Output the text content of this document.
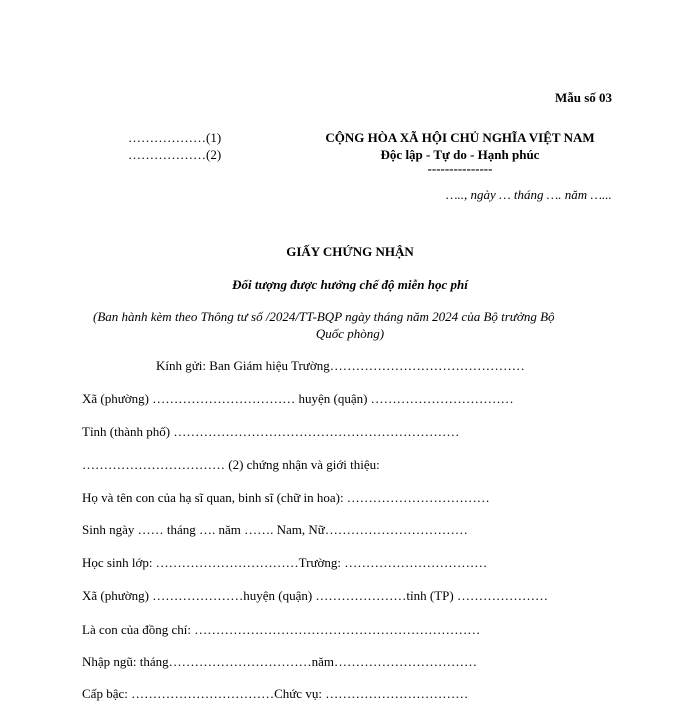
Mẫu số 03
………………(1)
………………(2)
CỘNG HÒA XÃ HỘI CHỦ NGHĨA VIỆT NAM
Độc lập - Tự do - Hạnh phúc
---------------
….., ngày … tháng …. năm …...
GIẤY CHỨNG NHẬN
Đối tượng được hưởng chế độ miễn học phí
(Ban hành kèm theo Thông tư số /2024/TT-BQP ngày tháng năm 2024 của Bộ trưởng Bộ
Quốc phòng)
Kính gửi: Ban Giám hiệu Trường………………………………………
Xã (phường) …………………………… huyện (quận) ……………………………
Tỉnh (thành phố) …………………………………………………………
…………………………… (2) chứng nhận và giới thiệu:
Họ và tên con của hạ sĩ quan, binh sĩ (chữ in hoa): ……………………………
Sinh ngày …… tháng …. năm ……. Nam, Nữ……………………………
Học sinh lớp: ……………………………Trường: ……………………………
Xã (phường) …………………huyện (quận) …………………tỉnh (TP) …………………
Là con của đồng chí: …………………………………………………………
Nhập ngũ: tháng……………………………năm……………………………
Cấp bậc: ……………………………Chức vụ: ……………………………
